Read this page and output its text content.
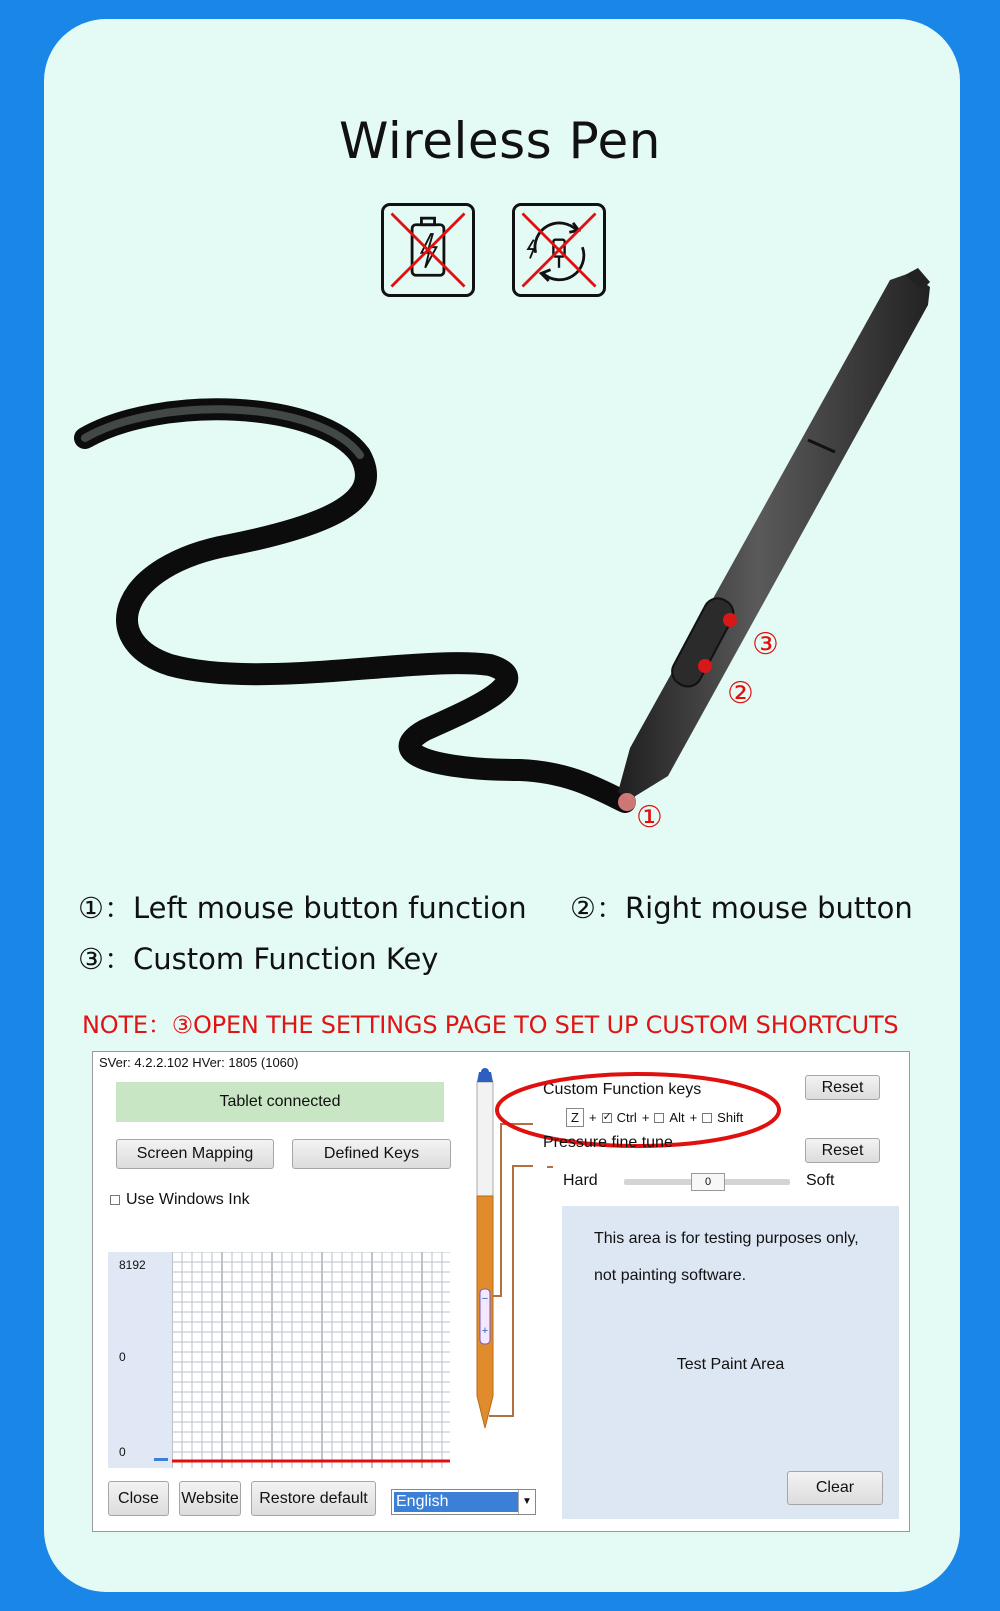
Wireless Pen
③
②
①
①：Left mouse button function ②：Right mouse button
③：Custom Function Key
NOTE：③OPEN THE SETTINGS PAGE TO SET UP CUSTOM SHORTCUTS
SVer: 4.2.2.102 HVer: 1805 (1060)
Tablet connected
Screen Mapping	Defined Keys
Use Windows Ink
8192
0
0
−
+
Custom Function keys
Z + ✓ Ctrl + Alt + Shift
Reset
Pressure fine tune	Reset
Hard	0	Soft
This area is for testing purposes only,
not painting software.
Test Paint Area
Clear
Close	Website	Restore default	English	▼
